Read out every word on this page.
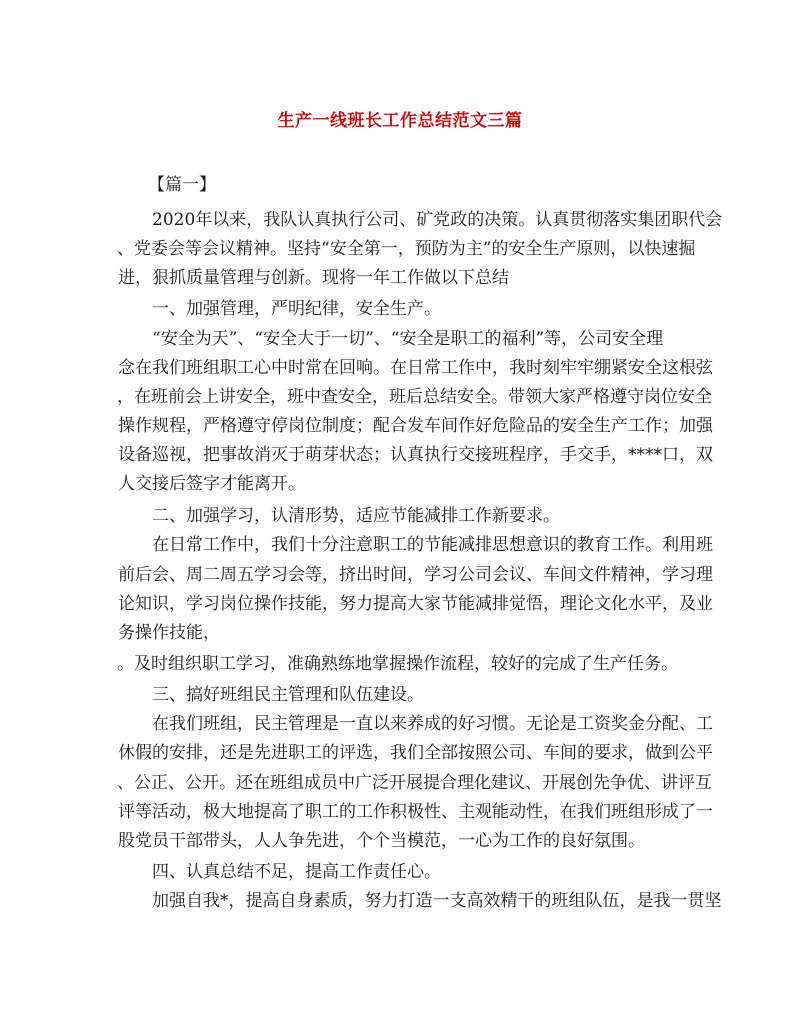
生产一线班长工作总结范文三篇

【篇一】

2020年以来，我队认真执行公司、矿党政的决策。认真贯彻落实集团职代会

、党委会等会议精神。坚持“安全第一，预防为主”的安全生产原则，以快速掘

进，狠抓质量管理与创新。现将一年工作做以下总结

一、加强管理，严明纪律，安全生产。

“安全为天”、“安全大于一切”、“安全是职工的福利”等，公司安全理

念在我们班组职工心中时常在回响。在日常工作中，我时刻牢牢绷紧安全这根弦

，在班前会上讲安全，班中查安全，班后总结安全。带领大家严格遵守岗位安全

操作规程，严格遵守停岗位制度；配合发车间作好危险品的安全生产工作；加强

设备巡视，把事故消灭于萌芽状态；认真执行交接班程序，手交手，****口，双

人交接后签字才能离开。

二、加强学习，认清形势，适应节能减排工作新要求。

在日常工作中，我们十分注意职工的节能减排思想意识的教育工作。利用班

前后会、周二周五学习会等，挤出时间，学习公司会议、车间文件精神，学习理

论知识，学习岗位操作技能，努力提高大家节能减排觉悟，理论文化水平，及业

务操作技能，

。及时组织职工学习，准确熟练地掌握操作流程，较好的完成了生产任务。

三、搞好班组民主管理和队伍建设。

在我们班组，民主管理是一直以来养成的好习惯。无论是工资奖金分配、工

休假的安排，还是先进职工的评选，我们全部按照公司、车间的要求，做到公平

、公正、公开。还在班组成员中广泛开展提合理化建议、开展创先争优、讲评互

评等活动，极大地提高了职工的工作积极性、主观能动性，在我们班组形成了一

股党员干部带头，人人争先进，个个当模范，一心为工作的良好氛围。

四、认真总结不足，提高工作责任心。

加强自我*，提高自身素质，努力打造一支高效精干的班组队伍，是我一贯坚
